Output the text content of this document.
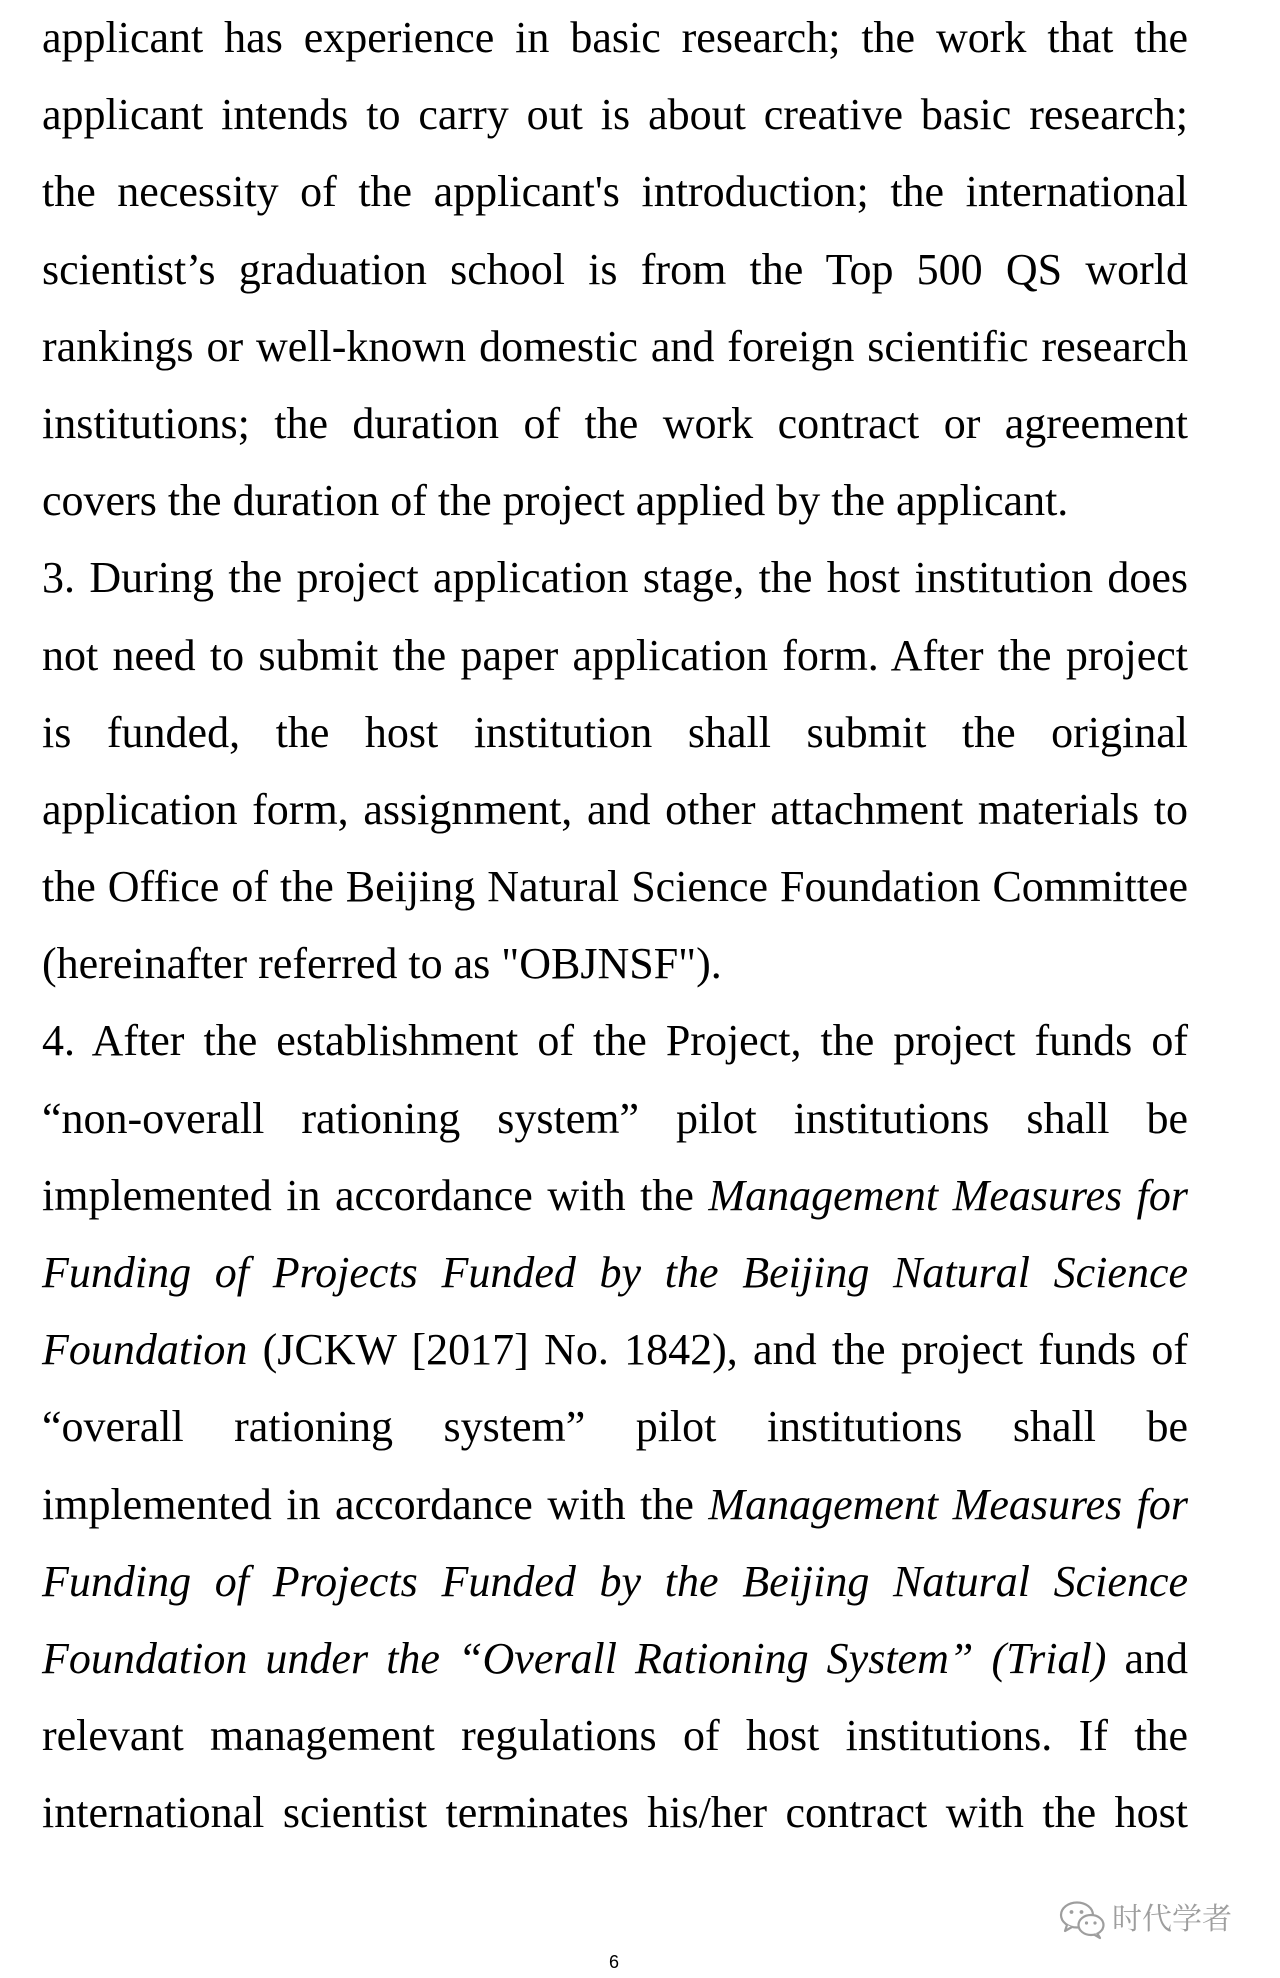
applicant has experience in basic research; the work that the
applicant intends to carry out is about creative basic research;
the necessity of the applicant's introduction; the international
scientist’s graduation school is from the Top 500 QS world
rankings or well-known domestic and foreign scientific research
institutions; the duration of the work contract or agreement
covers the duration of the project applied by the applicant.
3. During the project application stage, the host institution does
not need to submit the paper application form. After the project
is funded, the host institution shall submit the original
application form, assignment, and other attachment materials to
the Office of the Beijing Natural Science Foundation Committee
(hereinafter referred to as "OBJNSF").
4. After the establishment of the Project, the project funds of
“non-overall rationing system” pilot institutions shall be
implemented in accordance with the Management Measures for
Funding of Projects Funded by the Beijing Natural Science
Foundation (JCKW [2017] No. 1842), and the project funds of
“overall rationing system” pilot institutions shall be
implemented in accordance with the Management Measures for
Funding of Projects Funded by the Beijing Natural Science
Foundation under the “Overall Rationing System” (Trial) and
relevant management regulations of host institutions. If the
international scientist terminates his/her contract with the host
时代学者
6
